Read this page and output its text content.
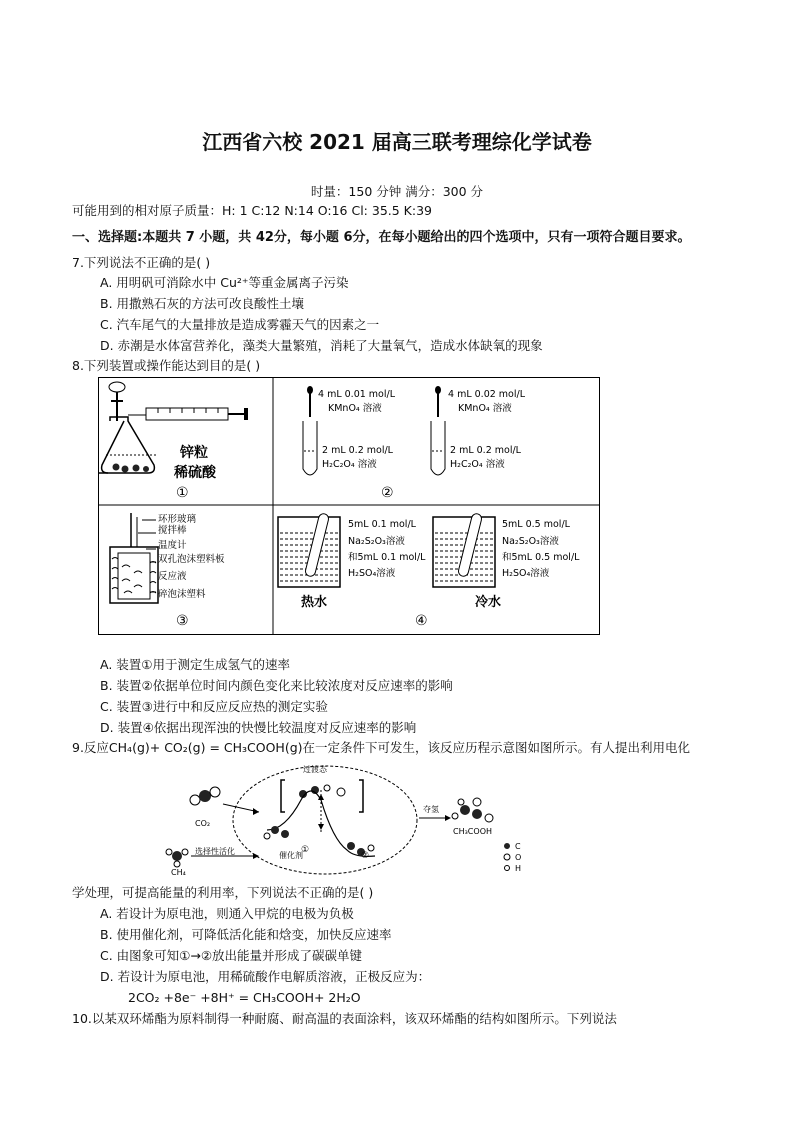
江西省六校 2021 届高三联考理综化学试卷
时量：150 分钟 满分：300 分
可能用到的相对原子质量：H: 1 C:12 N:14 O:16 Cl: 35.5 K:39
一、选择题:本题共 7 小题，共 42分，每小题 6分，在每小题给出的四个选项中，只有一项符合题目要求。
7.下列说法不正确的是( )
A. 用明矾可消除水中 Cu²⁺等重金属离子污染
B. 用撒熟石灰的方法可改良酸性土壤
C. 汽车尾气的大量排放是造成雾霾天气的因素之一
D. 赤潮是水体富营养化，藻类大量繁殖，消耗了大量氧气，造成水体缺氧的现象
8.下列装置或操作能达到目的是( )
锌粒
稀硫酸
①
4 mL 0.01 mol/L
KMnO₄ 溶液
2 mL 0.2 mol/L
H₂C₂O₄ 溶液
4 mL 0.02 mol/L
KMnO₄ 溶液
2 mL 0.2 mol/L
H₂C₂O₄ 溶液
②
环形玻璃
搅拌棒
温度计
双孔泡沫塑料板
反应液
碎泡沫塑料
③
5mL 0.1 mol/L
Na₂S₂O₃溶液
和5mL 0.1 mol/L
H₂SO₄溶液
5mL 0.5 mol/L
Na₂S₂O₃溶液
和5mL 0.5 mol/L
H₂SO₄溶液
热水	冷水
④
A. 装置①用于测定生成氢气的速率
B. 装置②依据单位时间内颜色变化来比较浓度对反应速率的影响
C. 装置③进行中和反应反应热的测定实验
D. 装置④依据出现浑浊的快慢比较温度对反应速率的影响
9.反应CH₄(g)+ CO₂(g) = CH₃COOH(g)在一定条件下可发生，该反应历程示意图如图所示。有人提出利用电化
CO₂
过渡态
催化剂
①
②
CH₄
选择性活化
夺氢
CH₃COOH
C
O
H
学处理，可提高能量的利用率，下列说法不正确的是( )
A. 若设计为原电池，则通入甲烷的电极为负极
B. 使用催化剂，可降低活化能和焓变，加快反应速率
C. 由图象可知①→②放出能量并形成了碳碳单键
D. 若设计为原电池，用稀硫酸作电解质溶液，正极反应为：
2CO₂ +8e⁻ +8H⁺ = CH₃COOH+ 2H₂O
10.以某双环烯酯为原料制得一种耐腐、耐高温的表面涂料，该双环烯酯的结构如图所示。下列说法
